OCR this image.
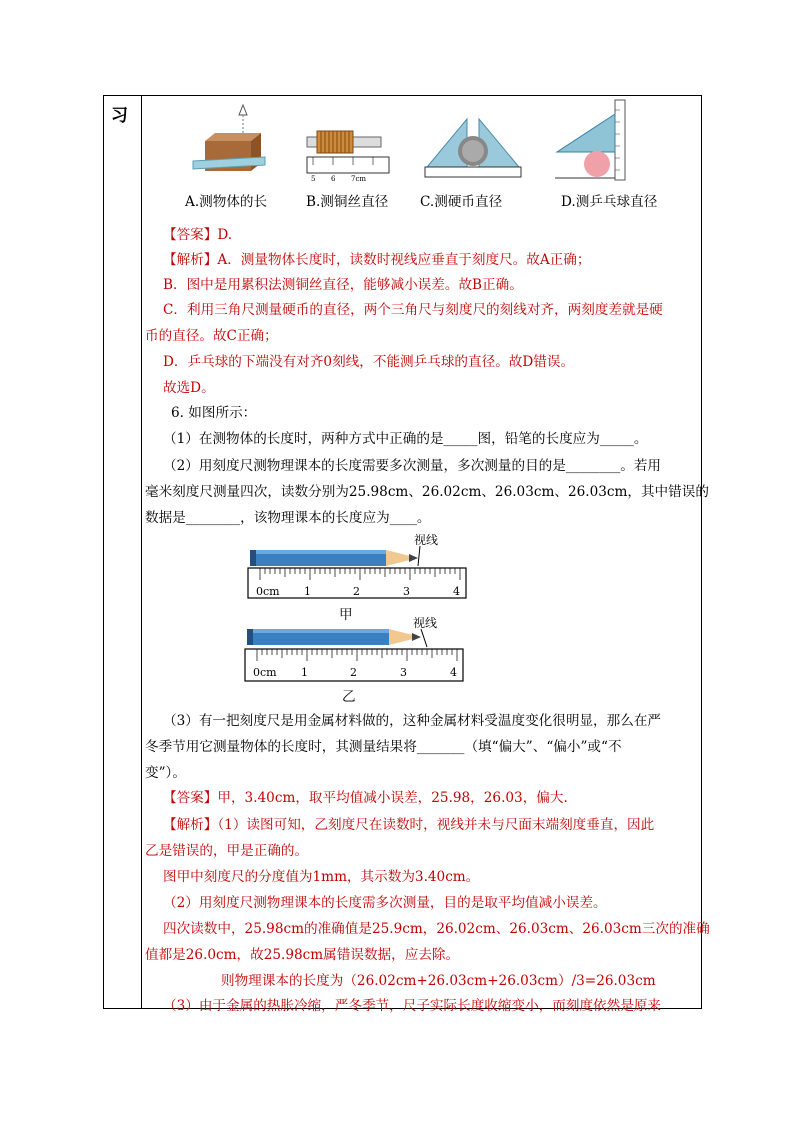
习
A.测物体的长
5 6 7cm
B.测铜丝直径 C.测硬币直径	D.测乒乓球直径
【答案】D.
【解析】A．测量物体长度时，读数时视线应垂直于刻度尺。故A正确；
B．图中是用累积法测铜丝直径，能够减小误差。故B正确。
C．利用三角尺测量硬币的直径，两个三角尺与刻度尺的刻线对齐，两刻度差就是硬
币的直径。故C正确；
D．乒乓球的下端没有对齐0刻线，不能测乒乓球的直径。故D错误。
故选D。
6. 如图所示：
（1）在测物体的长度时，两种方式中正确的是_____图，铅笔的长度应为_____。
（2）用刻度尺测物理课本的长度需要多次测量，多次测量的目的是________。若用
毫米刻度尺测量四次，读数分别为25.98cm、26.02cm、26.03cm、26.03cm，其中错误的
数据是________，该物理课本的长度应为____。
视线
0cm 1	2	3	4
甲	视线
0cm 1	2	3	4
乙
（3）有一把刻度尺是用金属材料做的，这种金属材料受温度变化很明显，那么在严
冬季节用它测量物体的长度时，其测量结果将_______（填“偏大”、“偏小”或“不
变”）。
【答案】甲，3.40cm，取平均值减小误差，25.98，26.03，偏大.
【解析】（1）读图可知，乙刻度尺在读数时，视线并未与尺面末端刻度垂直，因此
乙是错误的，甲是正确的。
图甲中刻度尺的分度值为1mm，其示数为3.40cm。
（2）用刻度尺测物理课本的长度需多次测量，目的是取平均值减小误差。
四次读数中，25.98cm的准确值是25.9cm，26.02cm、26.03cm、26.03cm三次的准确
值都是26.0cm，故25.98cm属错误数据，应去除。
则物理课本的长度为（26.02cm+26.03cm+26.03cm）/3=26.03cm
（3）由于金属的热胀冷缩，严冬季节，尺子实际长度收缩变小，而刻度依然是原来
